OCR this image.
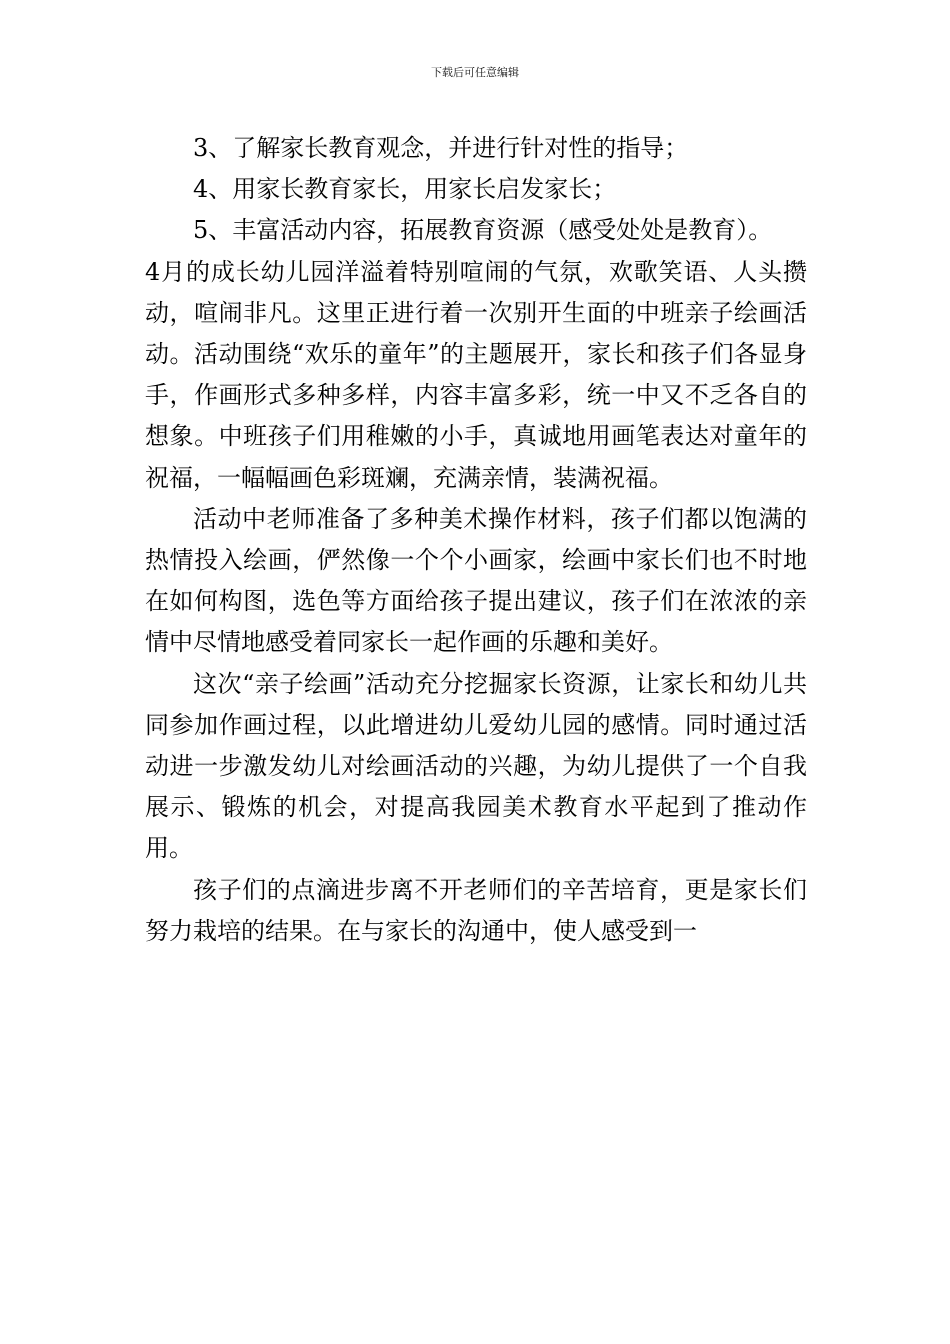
下载后可任意编辑

3、了解家长教育观念，并进行针对性的指导；

4、用家长教育家长，用家长启发家长；

5、丰富活动内容，拓展教育资源（感受处处是教育）。

4月的成长幼儿园洋溢着特别喧闹的气氛，欢歌笑语、人头攒动，喧闹非凡。这里正进行着一次别开生面的中班亲子绘画活动。活动围绕“欢乐的童年”的主题展开，家长和孩子们各显身手，作画形式多种多样，内容丰富多彩，统一中又不乏各自的想象。中班孩子们用稚嫩的小手，真诚地用画笔表达对童年的祝福，一幅幅画色彩斑斓，充满亲情，装满祝福。

活动中老师准备了多种美术操作材料，孩子们都以饱满的热情投入绘画，俨然像一个个小画家，绘画中家长们也不时地在如何构图，选色等方面给孩子提出建议，孩子们在浓浓的亲情中尽情地感受着同家长一起作画的乐趣和美好。

这次“亲子绘画”活动充分挖掘家长资源，让家长和幼儿共同参加作画过程，以此增进幼儿爱幼儿园的感情。同时通过活动进一步激发幼儿对绘画活动的兴趣，为幼儿提供了一个自我展示、锻炼的机会，对提高我园美术教育水平起到了推动作用。

孩子们的点滴进步离不开老师们的辛苦培育，更是家长们努力栽培的结果。在与家长的沟通中，使人感受到一
